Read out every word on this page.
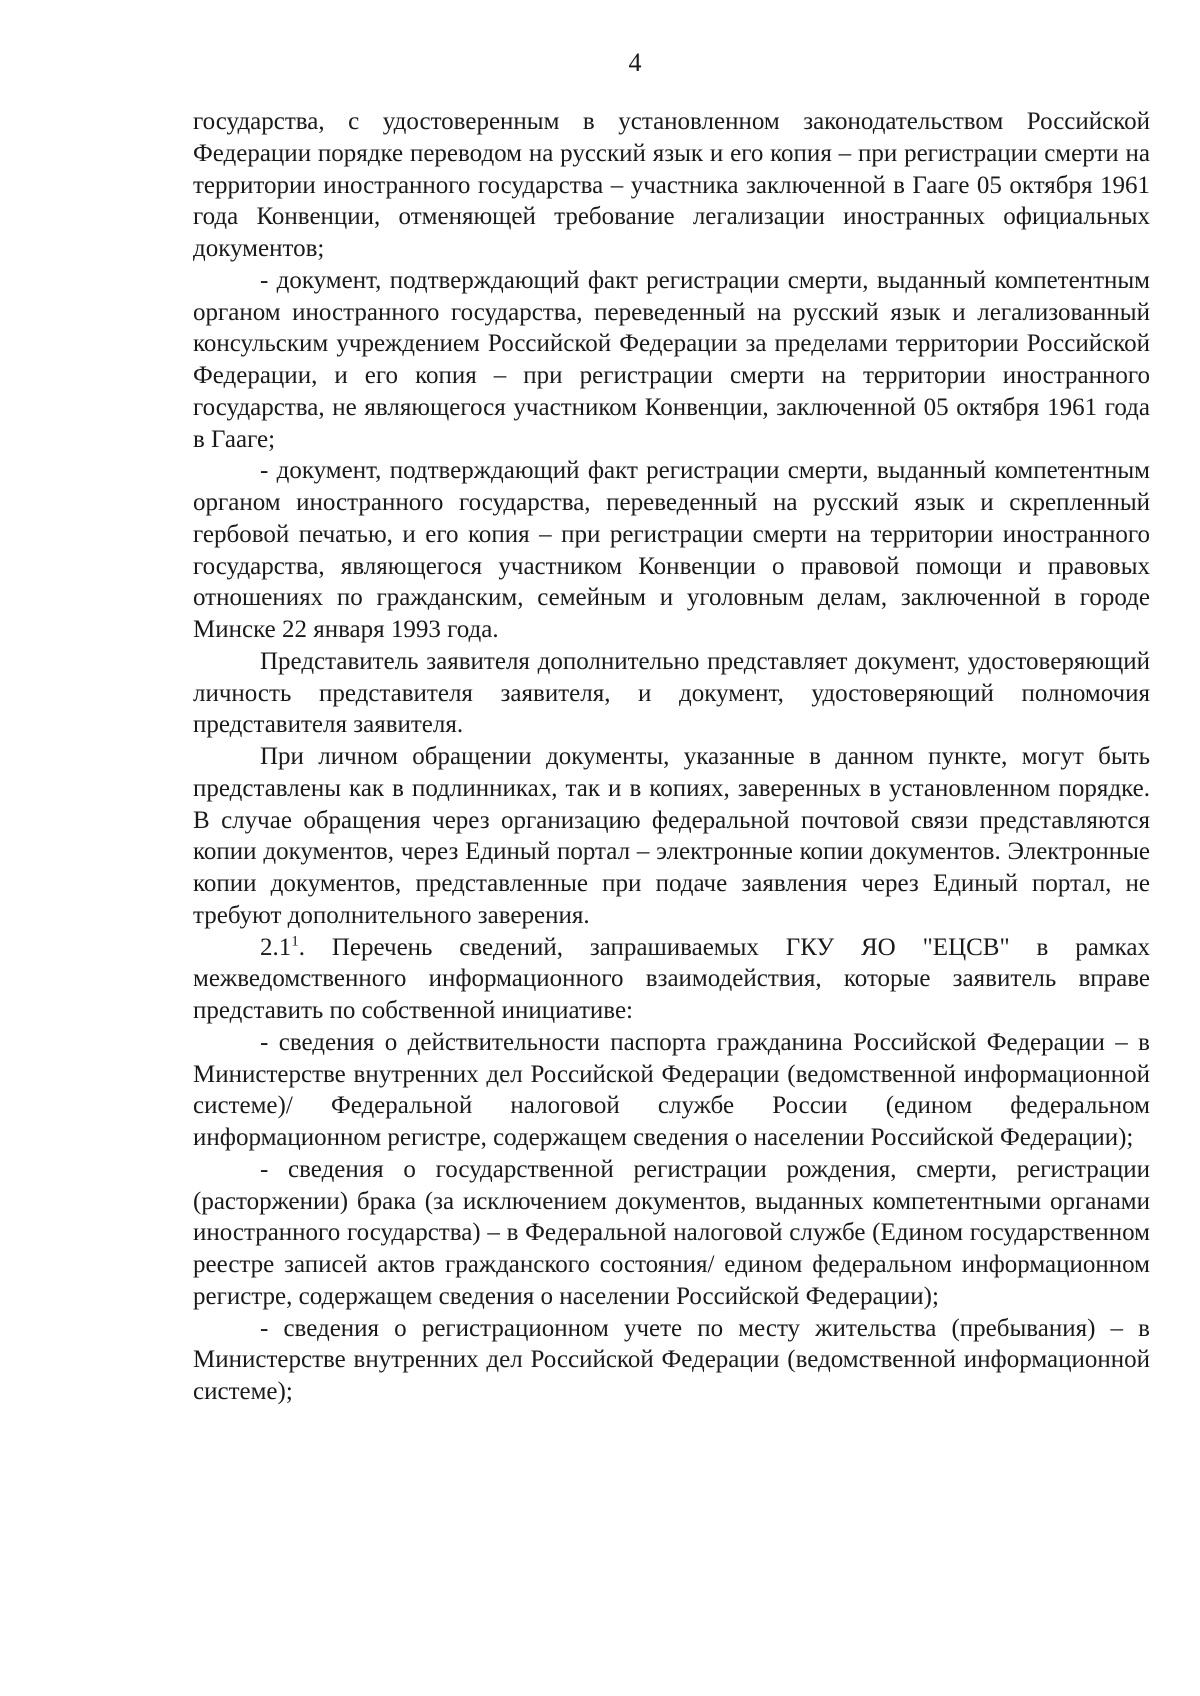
4

государства, с удостоверенным в установленном законодательством Российской Федерации порядке переводом на русский язык и его копия – при регистрации смерти на территории иностранного государства – участника заключенной в Гааге 05 октября 1961 года Конвенции, отменяющей требование легализации иностранных официальных документов;

- документ, подтверждающий факт регистрации смерти, выданный компетентным органом иностранного государства, переведенный на русский язык и легализованный консульским учреждением Российской Федерации за пределами территории Российской Федерации, и его копия – при регистрации смерти на территории иностранного государства, не являющегося участником Конвенции, заключенной 05 октября 1961 года в Гааге;

- документ, подтверждающий факт регистрации смерти, выданный компетентным органом иностранного государства, переведенный на русский язык и скрепленный гербовой печатью, и его копия – при регистрации смерти на территории иностранного государства, являющегося участником Конвенции о правовой помощи и правовых отношениях по гражданским, семейным и уголовным делам, заключенной в городе Минске 22 января 1993 года.

Представитель заявителя дополнительно представляет документ, удостоверяющий личность представителя заявителя, и документ, удостоверяющий полномочия представителя заявителя.

При личном обращении документы, указанные в данном пункте, могут быть представлены как в подлинниках, так и в копиях, заверенных в установленном порядке. В случае обращения через организацию федеральной почтовой связи представляются копии документов, через Единый портал – электронные копии документов. Электронные копии документов, представленные при подаче заявления через Единый портал, не требуют дополнительного заверения.

$2.1^1$. Перечень сведений, запрашиваемых ГКУ ЯО "ЕЦСВ" в рамках межведомственного информационного взаимодействия, которые заявитель вправе представить по собственной инициативе:

- сведения о действительности паспорта гражданина Российской Федерации – в Министерстве внутренних дел Российской Федерации (ведомственной информационной системе)/ Федеральной налоговой службе России (едином федеральном информационном регистре, содержащем сведения о населении Российской Федерации);

- сведения о государственной регистрации рождения, смерти, регистрации (расторжении) брака (за исключением документов, выданных компетентными органами иностранного государства) – в Федеральной налоговой службе (Едином государственном реестре записей актов гражданского состояния/ едином федеральном информационном регистре, содержащем сведения о населении Российской Федерации);

- сведения о регистрационном учете по месту жительства (пребывания) – в Министерстве внутренних дел Российской Федерации (ведомственной информационной системе);
